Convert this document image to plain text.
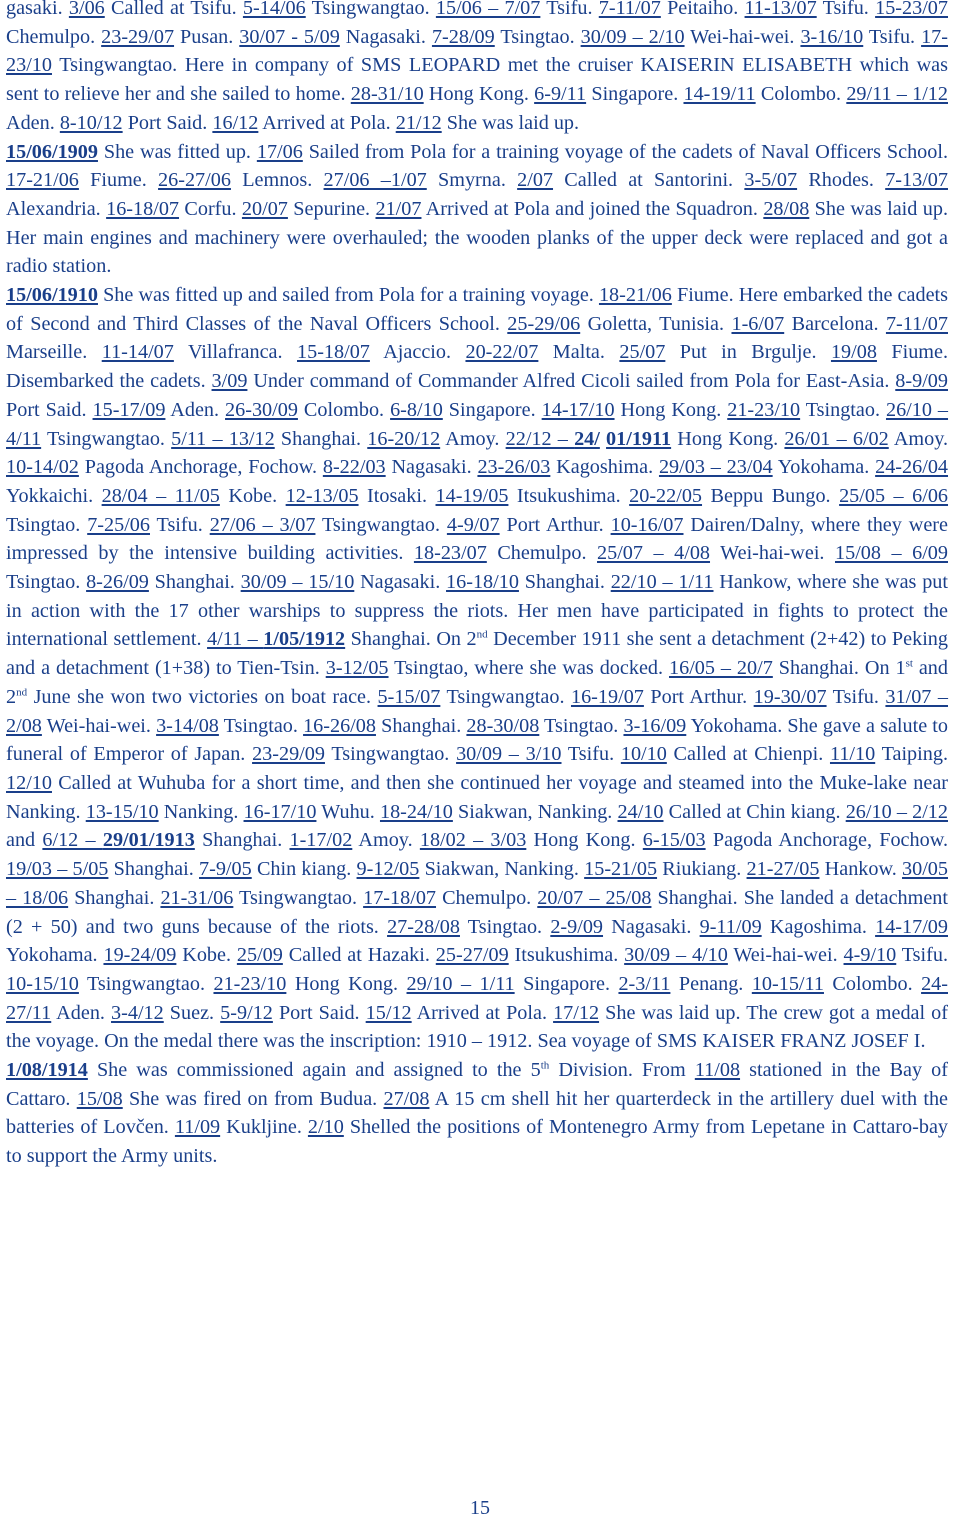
gasaki. 3/06 Called at Tsifu. 5-14/06 Tsingwangtao. 15/06 – 7/07 Tsifu. 7-11/07 Peitaiho. 11-13/07 Tsifu. 15-23/07 Chemulpo. 23-29/07 Pusan. 30/07 - 5/09 Nagasaki. 7-28/09 Tsingtao. 30/09 – 2/10 Wei-hai-wei. 3-16/10 Tsifu. 17-23/10 Tsingwangtao. Here in company of SMS LEOPARD met the cruiser KAISERIN ELISABETH which was sent to relieve her and she sailed to home. 28-31/10 Hong Kong. 6-9/11 Singapore. 14-19/11 Colombo. 29/11 – 1/12 Aden. 8-10/12 Port Said. 16/12 Arrived at Pola. 21/12 She was laid up.

15/06/1909 She was fitted up. 17/06 Sailed from Pola for a training voyage of the cadets of Naval Officers School. 17-21/06 Fiume. 26-27/06 Lemnos. 27/06 –1/07 Smyrna. 2/07 Called at Santorini. 3-5/07 Rhodes. 7-13/07 Alexandria. 16-18/07 Corfu. 20/07 Sepurine. 21/07 Arrived at Pola and joined the Squadron. 28/08 She was laid up. Her main engines and machinery were overhauled; the wooden planks of the upper deck were replaced and got a radio station.

15/06/1910 She was fitted up and sailed from Pola for a training voyage. 18-21/06 Fiume. Here embarked the cadets of Second and Third Classes of the Naval Officers School. 25-29/06 Goletta, Tunisia. 1-6/07 Barcelona. 7-11/07 Marseille. 11-14/07 Villafranca. 15-18/07 Ajaccio. 20-22/07 Malta. 25/07 Put in Brgulje. 19/08 Fiume. Disembarked the cadets. 3/09 Under command of Commander Alfred Cicoli sailed from Pola for East-Asia. 8-9/09 Port Said. 15-17/09 Aden. 26-30/09 Colombo. 6-8/10 Singapore. 14-17/10 Hong Kong. 21-23/10 Tsingtao. 26/10 – 4/11 Tsingwangtao. 5/11 – 13/12 Shanghai. 16-20/12 Amoy. 22/12 – 24/ 01/1911 Hong Kong. 26/01 – 6/02 Amoy. 10-14/02 Pagoda Anchorage, Fochow. 8-22/03 Nagasaki. 23-26/03 Kagoshima. 29/03 – 23/04 Yokohama. 24-26/04 Yokkaichi. 28/04 – 11/05 Kobe. 12-13/05 Itosaki. 14-19/05 Itsukushima. 20-22/05 Beppu Bungo. 25/05 – 6/06 Tsingtao. 7-25/06 Tsifu. 27/06 – 3/07 Tsingwangtao. 4-9/07 Port Arthur. 10-16/07 Dairen/Dalny, where they were impressed by the intensive building activities. 18-23/07 Chemulpo. 25/07 – 4/08 Wei-hai-wei. 15/08 – 6/09 Tsingtao. 8-26/09 Shanghai. 30/09 – 15/10 Nagasaki. 16-18/10 Shanghai. 22/10 – 1/11 Hankow, where she was put in action with the 17 other warships to suppress the riots. Her men have participated in fights to protect the international settlement. 4/11 – 1/05/1912 Shanghai. On 2nd December 1911 she sent a detachment (2+42) to Peking and a detachment (1+38) to Tien-Tsin. 3-12/05 Tsingtao, where she was docked. 16/05 – 20/7 Shanghai. On 1st and 2nd June she won two victories on boat race. 5-15/07 Tsingwangtao. 16-19/07 Port Arthur. 19-30/07 Tsifu. 31/07 – 2/08 Wei-hai-wei. 3-14/08 Tsingtao. 16-26/08 Shanghai. 28-30/08 Tsingtao. 3-16/09 Yokohama. She gave a salute to funeral of Emperor of Japan. 23-29/09 Tsingwangtao. 30/09 – 3/10 Tsifu. 10/10 Called at Chienpi. 11/10 Taiping. 12/10 Called at Wuhuba for a short time, and then she continued her voyage and steamed into the Muke-lake near Nanking. 13-15/10 Nanking. 16-17/10 Wuhu. 18-24/10 Siakwan, Nanking. 24/10 Called at Chin kiang. 26/10 – 2/12 and 6/12 – 29/01/1913 Shanghai. 1-17/02 Amoy. 18/02 – 3/03 Hong Kong. 6-15/03 Pagoda Anchorage, Fochow. 19/03 – 5/05 Shanghai. 7-9/05 Chin kiang. 9-12/05 Siakwan, Nanking. 15-21/05 Riukiang. 21-27/05 Hankow. 30/05 – 18/06 Shanghai. 21-31/06 Tsingwangtao. 17-18/07 Chemulpo. 20/07 – 25/08 Shanghai. She landed a detachment (2 + 50) and two guns because of the riots. 27-28/08 Tsingtao. 2-9/09 Nagasaki. 9-11/09 Kagoshima. 14-17/09 Yokohama. 19-24/09 Kobe. 25/09 Called at Hazaki. 25-27/09 Itsukushima. 30/09 – 4/10 Wei-hai-wei. 4-9/10 Tsifu. 10-15/10 Tsingwangtao. 21-23/10 Hong Kong. 29/10 – 1/11 Singapore. 2-3/11 Penang. 10-15/11 Colombo. 24-27/11 Aden. 3-4/12 Suez. 5-9/12 Port Said. 15/12 Arrived at Pola. 17/12 She was laid up. The crew got a medal of the voyage. On the medal there was the inscription: 1910 – 1912. Sea voyage of SMS KAISER FRANZ JOSEF I.

1/08/1914 She was commissioned again and assigned to the 5th Division. From 11/08 stationed in the Bay of Cattaro. 15/08 She was fired on from Budua. 27/08 A 15 cm shell hit her quarterdeck in the artillery duel with the batteries of Lovčen. 11/09 Kukljine. 2/10 Shelled the positions of Montenegro Army from Lepetane in Cattaro-bay to support the Army units.

15
